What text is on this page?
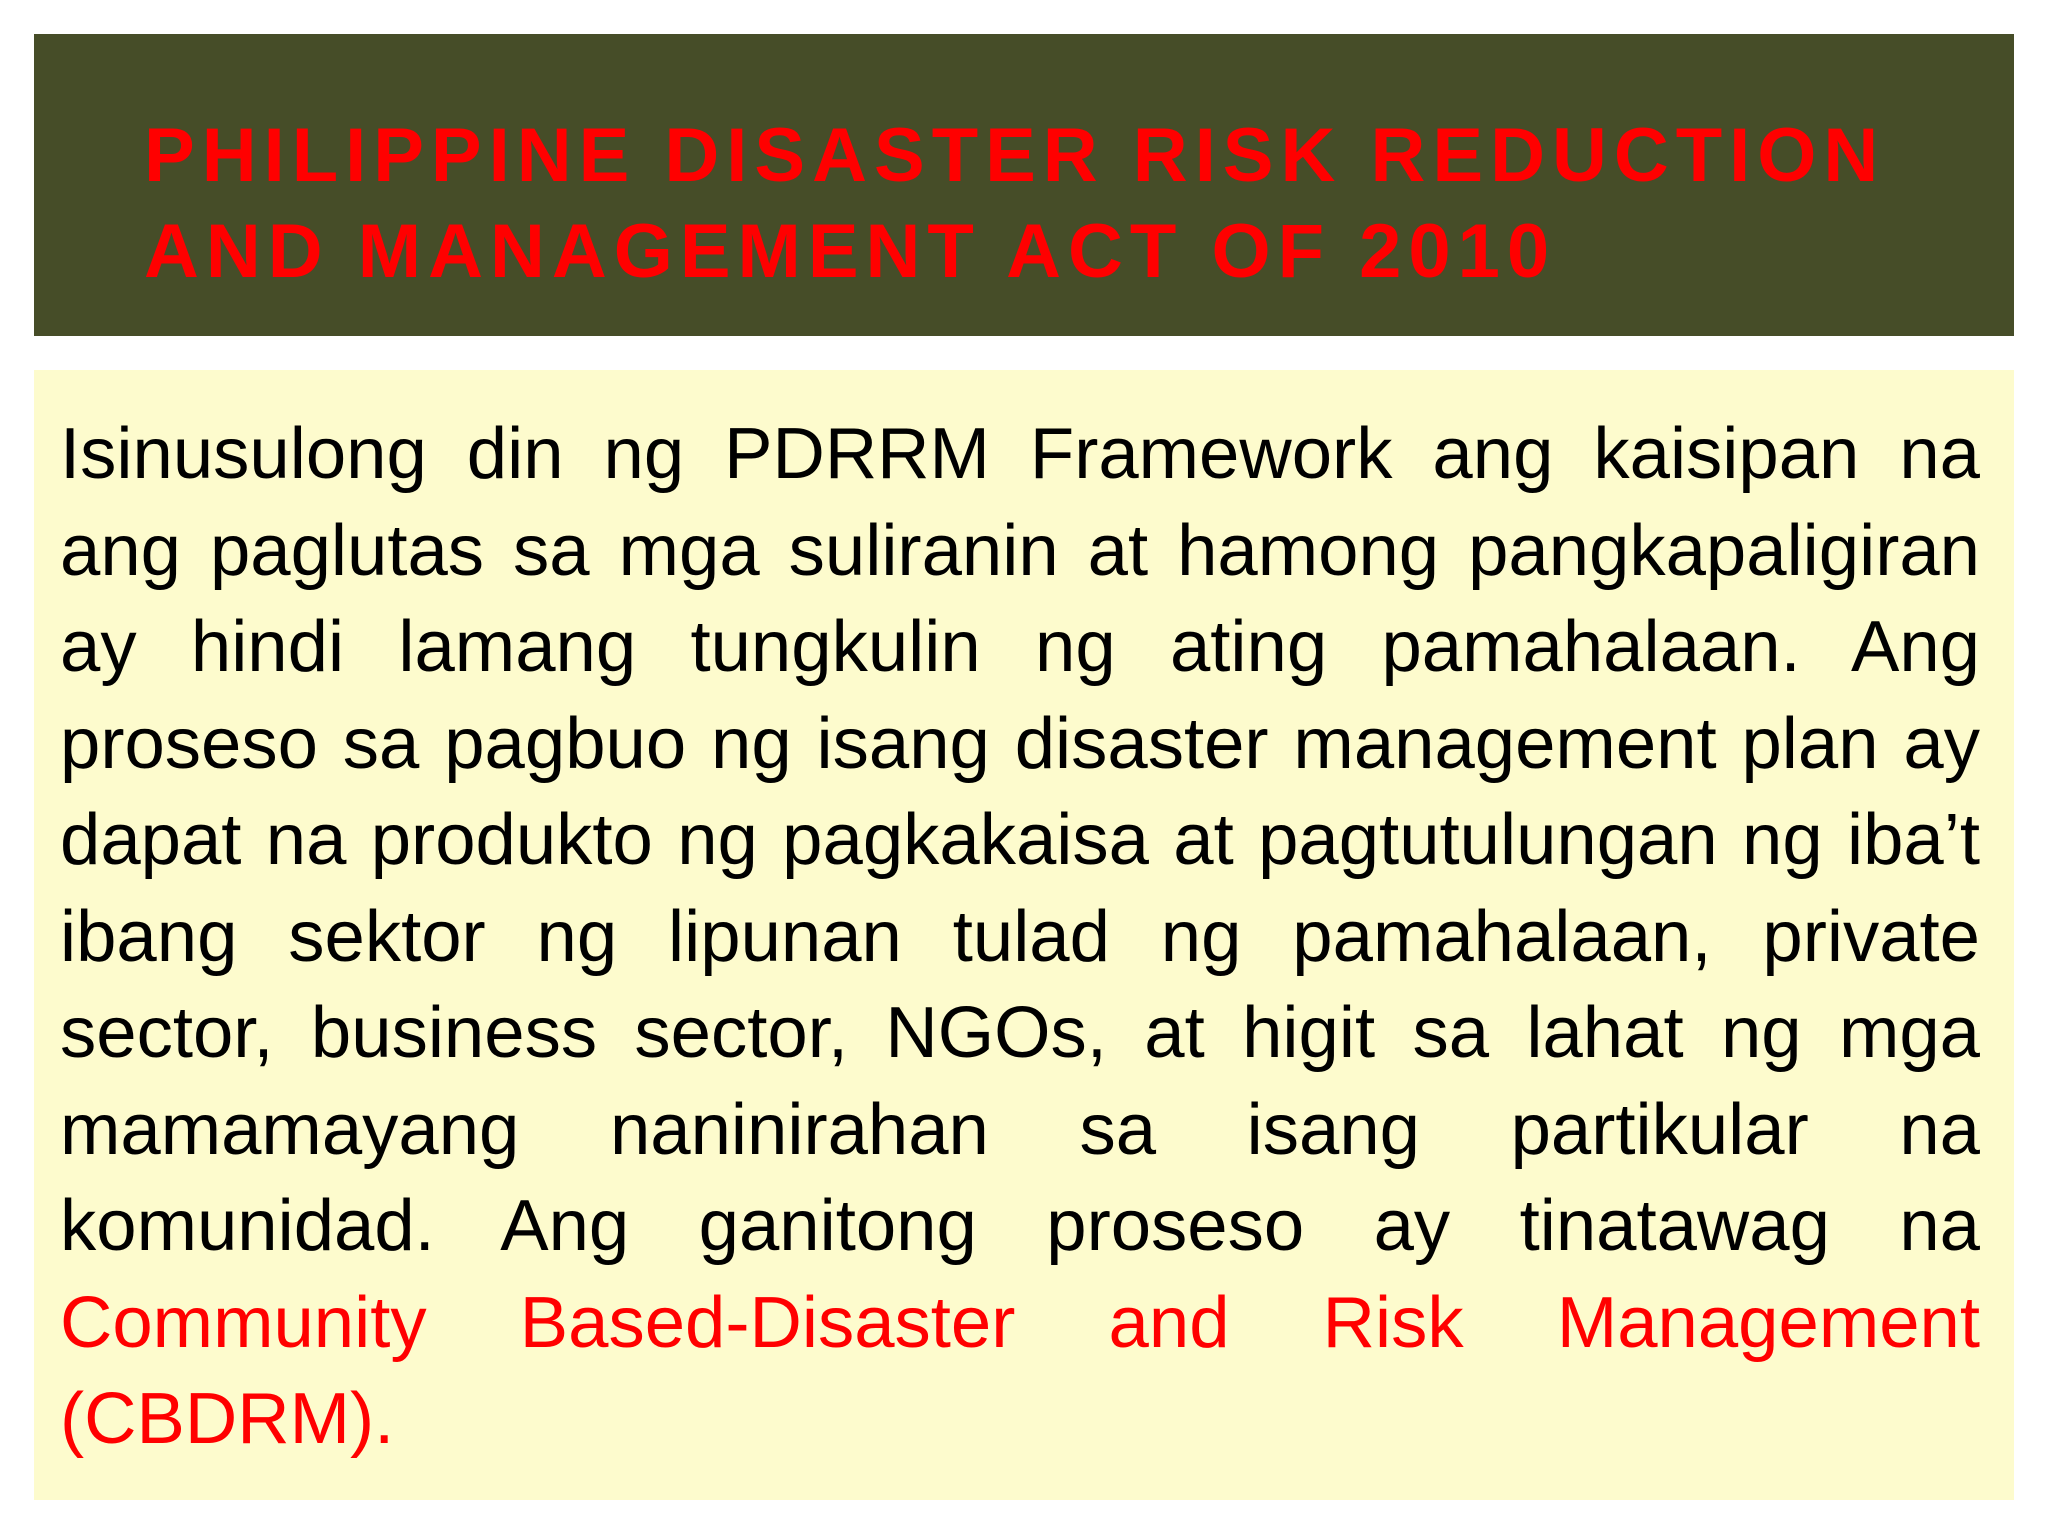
PHILIPPINE DISASTER RISK REDUCTION
AND MANAGEMENT ACT OF 2010

Isinusulong din ng PDRRM Framework ang kaisipan na ang paglutas sa mga suliranin at hamong pangkapaligiran ay hindi lamang tungkulin ng ating pamahalaan. Ang proseso sa pagbuo ng isang disaster management plan ay dapat na produkto ng pagkakaisa at pagtutulungan ng iba’t ibang sektor ng lipunan tulad ng pamahalaan, private sector, business sector, NGOs, at higit sa lahat ng mga mamamayang naninirahan sa isang partikular na komunidad. Ang ganitong proseso ay tinatawag na Community Based-Disaster and Risk Management (CBDRM).
